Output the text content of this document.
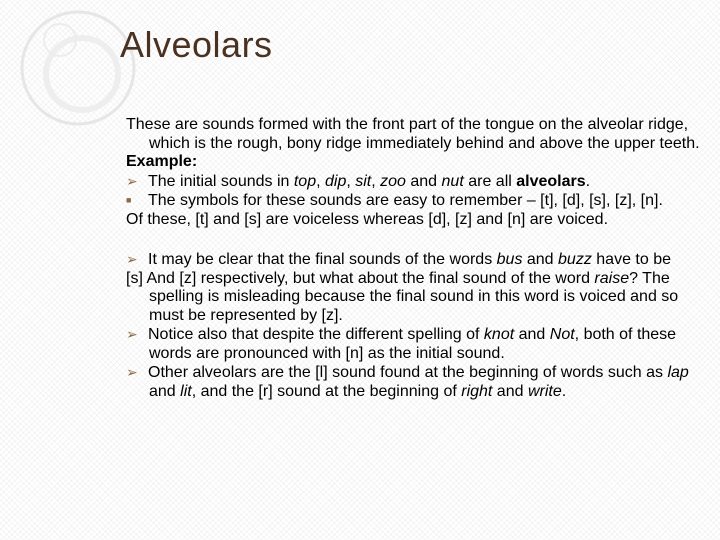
Alveolars

These are sounds formed with the front part of the tongue on the alveolar ridge, which is the rough, bony ridge immediately behind and above the upper teeth.

Example:

➢ The initial sounds in top, dip, sit, zoo and nut are all alveolars.

■ The symbols for these sounds are easy to remember – [t], [d], [s], [z], [n].

Of these, [t] and [s] are voiceless whereas [d], [z] and [n] are voiced.

➢ It may be clear that the final sounds of the words bus and buzz have to be

[s] And [z] respectively, but what about the final sound of the word raise? The spelling is misleading because the final sound in this word is voiced and so must be represented by [z].

➢ Notice also that despite the different spelling of knot and Not, both of these words are pronounced with [n] as the initial sound.

➢ Other alveolars are the [l] sound found at the beginning of words such as lap and lit, and the [r] sound at the beginning of right and write.
